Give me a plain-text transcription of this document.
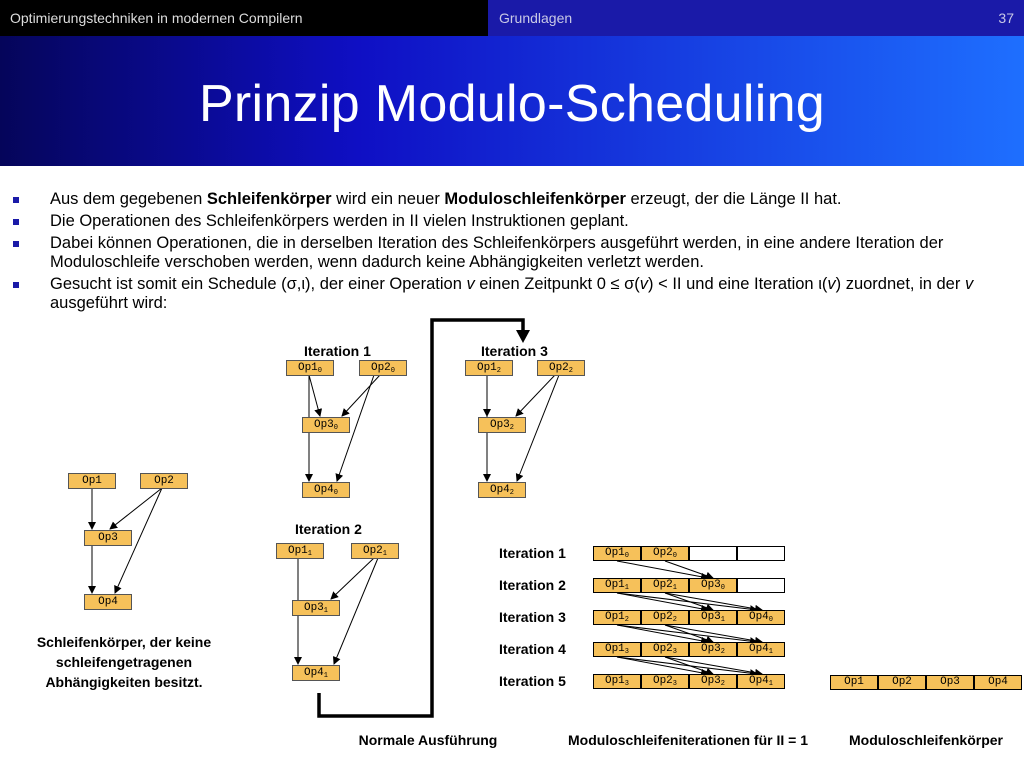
Optimierungstechniken in modernen Compilern	Grundlagen	37
Prinzip Modulo-Scheduling
Aus dem gegebenen Schleifenkörper wird ein neuer Moduloschleifenkörper erzeugt, der die Länge II hat.
Die Operationen des Schleifenkörpers werden in II vielen Instruktionen geplant.
Dabei können Operationen, die in derselben Iteration des Schleifenkörpers ausgeführt werden, in eine andere Iteration der Moduloschleife verschoben werden, wenn dadurch keine Abhängigkeiten verletzt werden.
Gesucht ist somit ein Schedule (σ,ι), der einer Operation v einen Zeitpunkt 0 ≤ σ(v) < II und eine Iteration ι(v) zuordnet, in der v ausgeführt wird:
Op1	Op2
Op3
Op4
Schleifenkörper, der keine schleifengetragenen Abhängigkeiten besitzt.
Iteration 1
$Op1_0$	$Op2_0$
$Op3_0$
$Op4_0$
Iteration 2
$Op1_1$	$Op2_1$
$Op3_1$
$Op4_1$
Iteration 3
$Op1_2$	$Op2_2$
$Op3_2$
$Op4_2$
Normale Ausführung
Iteration 1	$Op1_0$	$Op2_0$
Iteration 2	$Op1_1$	$Op2_1$	$Op3_0$
Iteration 3	$Op1_2$	$Op2_2$	$Op3_1$	$Op4_0$
Iteration 4	$Op1_3$	$Op2_3$	$Op3_2$	$Op4_1$
Iteration 5	$Op1_3$	$Op2_3$	$Op3_2$	$Op4_1$
Moduloschleifeniterationen für II = 1
Op1	Op2	Op3	Op4
Moduloschleifenkörper
